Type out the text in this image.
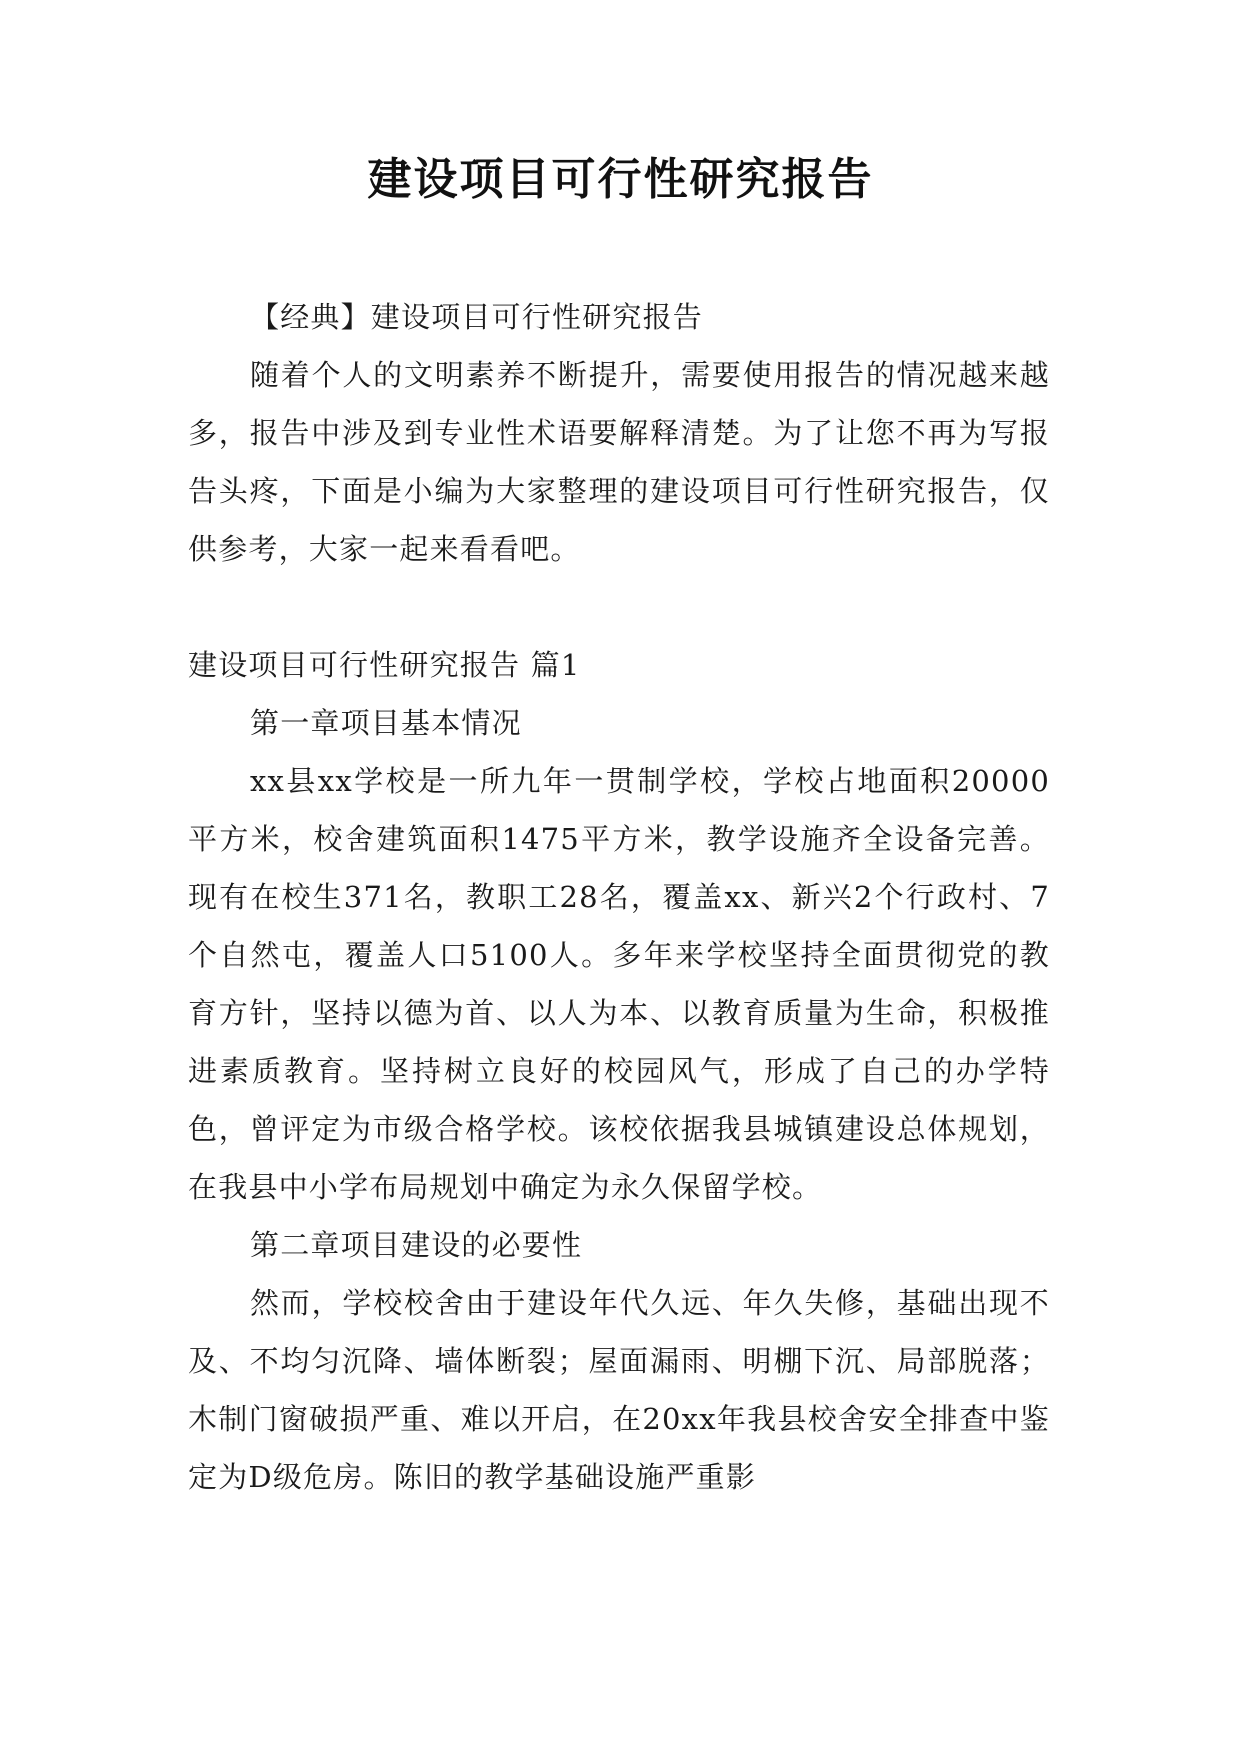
建设项目可行性研究报告

【经典】建设项目可行性研究报告

随着个人的文明素养不断提升，需要使用报告的情况越来越多，报告中涉及到专业性术语要解释清楚。为了让您不再为写报告头疼，下面是小编为大家整理的建设项目可行性研究报告，仅供参考，大家一起来看看吧。

建设项目可行性研究报告 篇1

第一章项目基本情况

xx县xx学校是一所九年一贯制学校，学校占地面积20000平方米，校舍建筑面积1475平方米，教学设施齐全设备完善。现有在校生371名，教职工28名，覆盖xx、新兴2个行政村、7个自然屯，覆盖人口5100人。多年来学校坚持全面贯彻党的教育方针，坚持以德为首、以人为本、以教育质量为生命，积极推进素质教育。坚持树立良好的校园风气，形成了自己的办学特色，曾评定为市级合格学校。该校依据我县城镇建设总体规划，在我县中小学布局规划中确定为永久保留学校。

第二章项目建设的必要性

然而，学校校舍由于建设年代久远、年久失修，基础出现不及、不均匀沉降、墙体断裂；屋面漏雨、明棚下沉、局部脱落；木制门窗破损严重、难以开启，在20xx年我县校舍安全排查中鉴定为D级危房。陈旧的教学基础设施严重影
